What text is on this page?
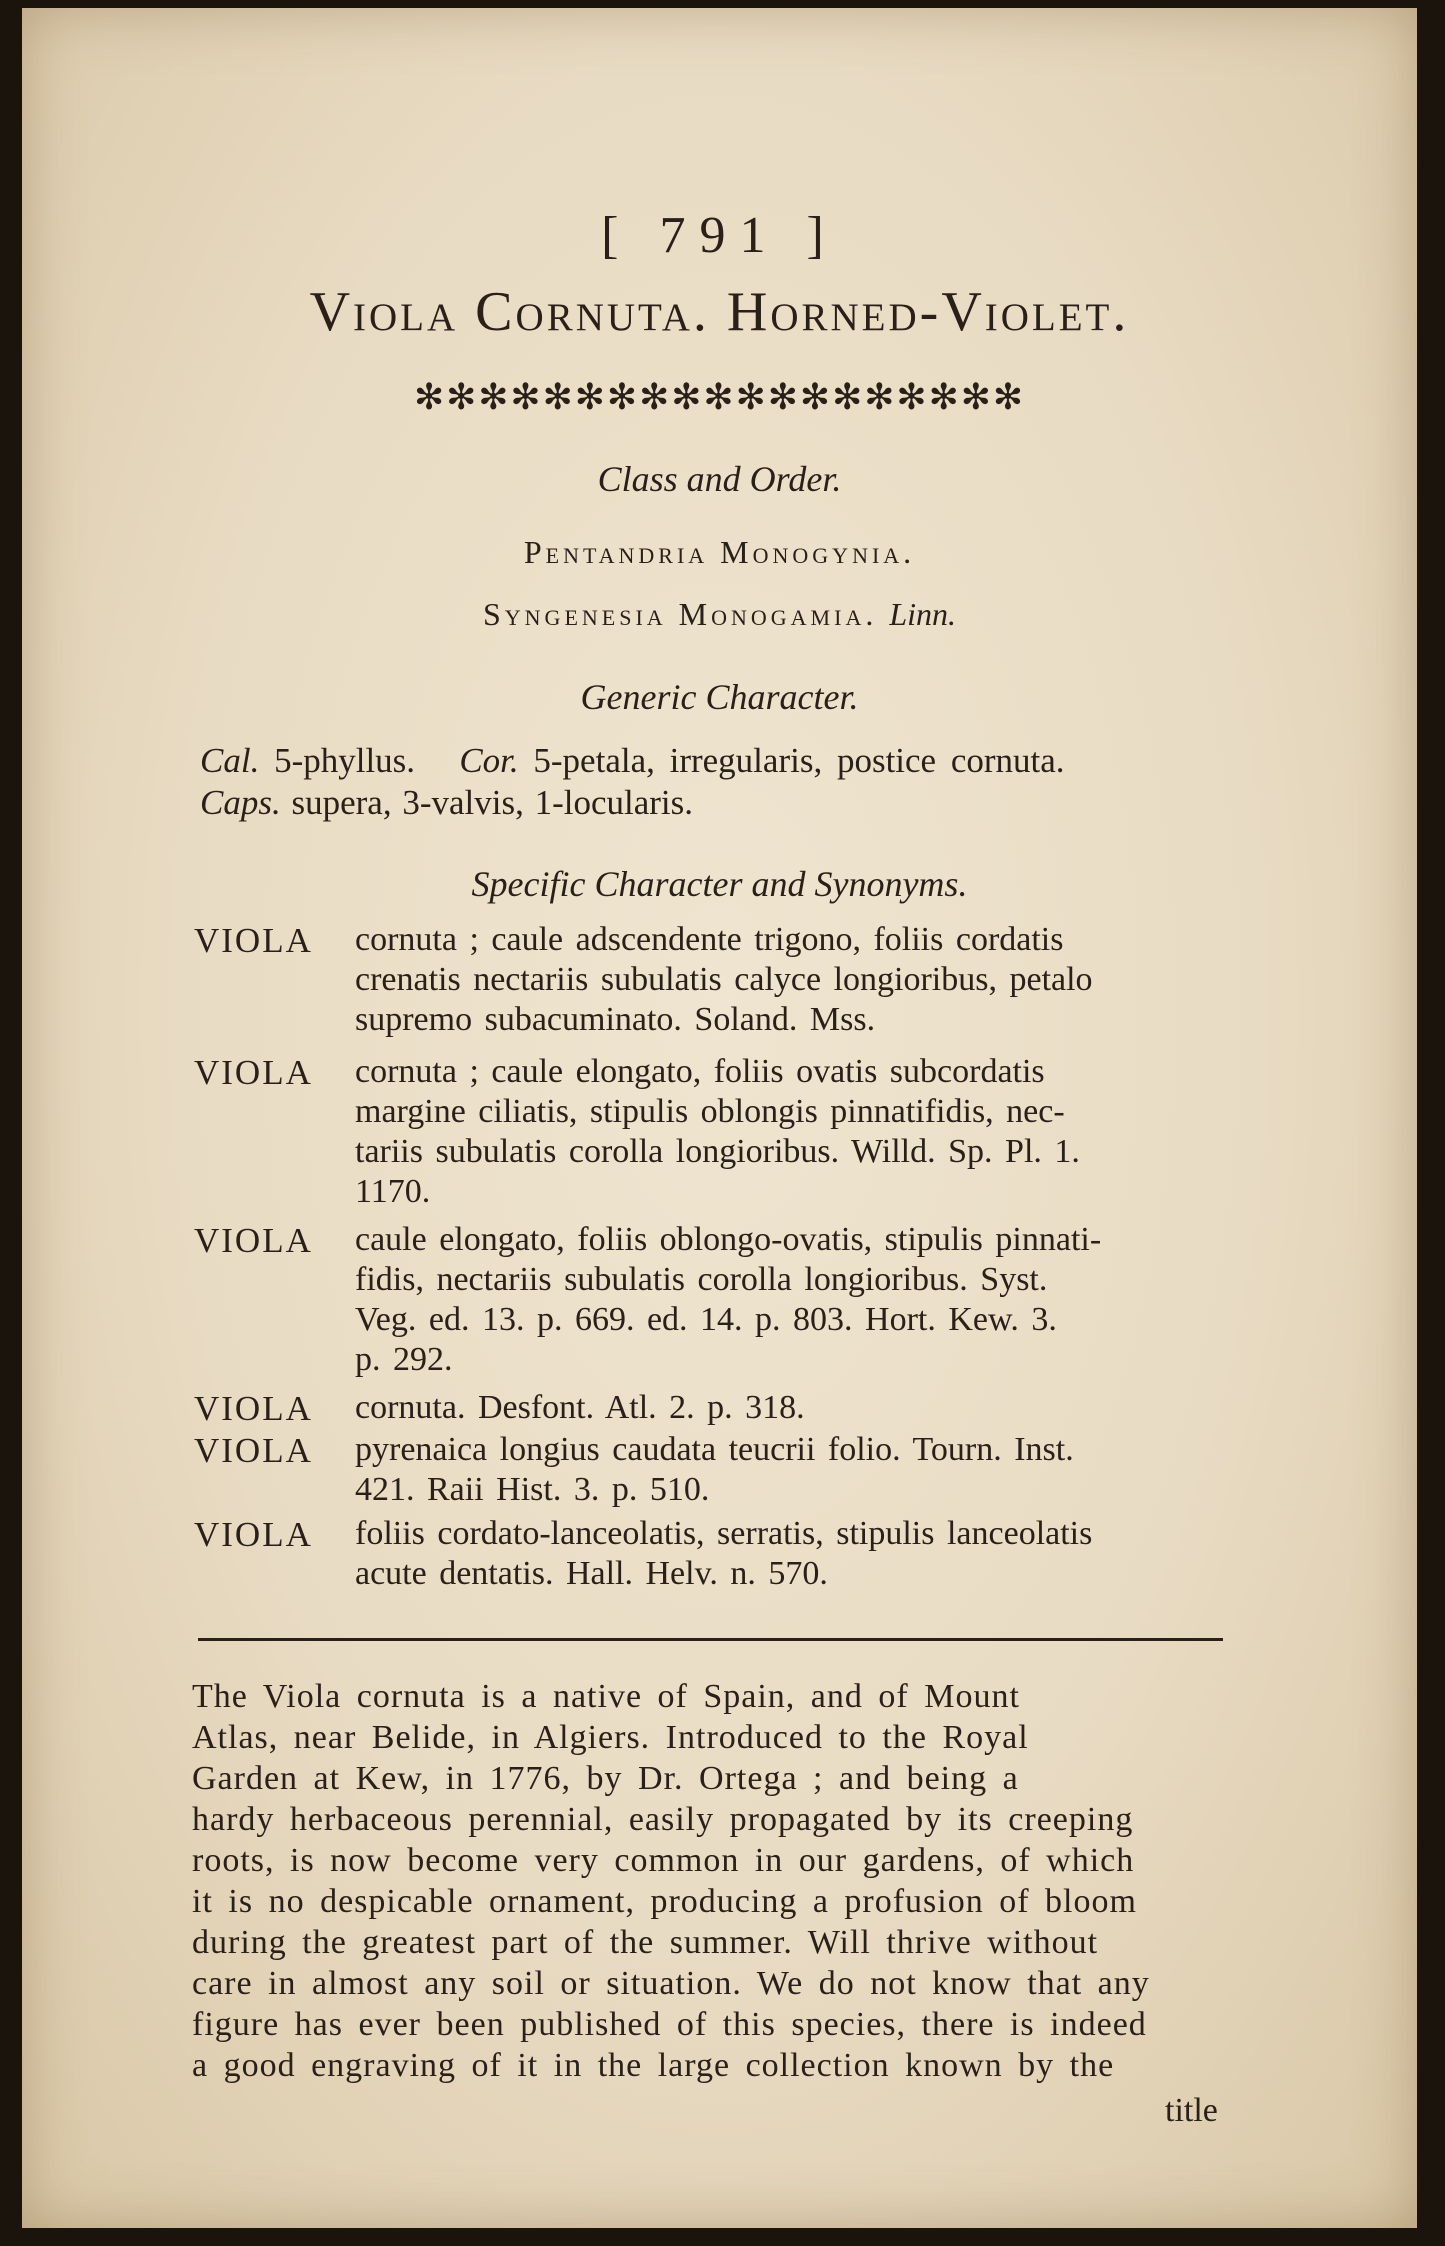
[ 791 ]
Viola Cornuta. Horned-Violet.
✻✻✻✻✻✻✻✻✻✻✻✻✻✻✻✻✻✻✻
Class and Order.
Pentandria Monogynia.
Syngenesia Monogamia. Linn.
Generic Character.
Cal. 5-phyllus. Cor. 5-petala, irregularis, postice cornuta.
Caps. supera, 3-valvis, 1-locularis.
Specific Character and Synonyms.
title
VIOLA cornuta ; caule adscendente trigono, foliis cordatis
crenatis nectariis subulatis calyce longioribus, petalo
supremo subacuminato. Soland. Mss.
VIOLA cornuta ; caule elongato, foliis ovatis subcordatis
margine ciliatis, stipulis oblongis pinnatifidis, nec-
tariis subulatis corolla longioribus. Willd. Sp. Pl. 1.
1170.
VIOLA caule elongato, foliis oblongo-ovatis, stipulis pinnati-
fidis, nectariis subulatis corolla longioribus. Syst.
Veg. ed. 13. p. 669. ed. 14. p. 803. Hort. Kew. 3.
p. 292.
VIOLA cornuta. Desfont. Atl. 2. p. 318.
VIOLA pyrenaica longius caudata teucrii folio. Tourn. Inst.
421. Raii Hist. 3. p. 510.
VIOLA foliis cordato-lanceolatis, serratis, stipulis lanceolatis
acute dentatis. Hall. Helv. n. 570.
The Viola cornuta is a native of Spain, and of Mount
Atlas, near Belide, in Algiers. Introduced to the Royal
Garden at Kew, in 1776, by Dr. Ortega ; and being a
hardy herbaceous perennial, easily propagated by its creeping
roots, is now become very common in our gardens, of which
it is no despicable ornament, producing a profusion of bloom
during the greatest part of the summer. Will thrive without
care in almost any soil or situation. We do not know that any
figure has ever been published of this species, there is indeed
a good engraving of it in the large collection known by the
